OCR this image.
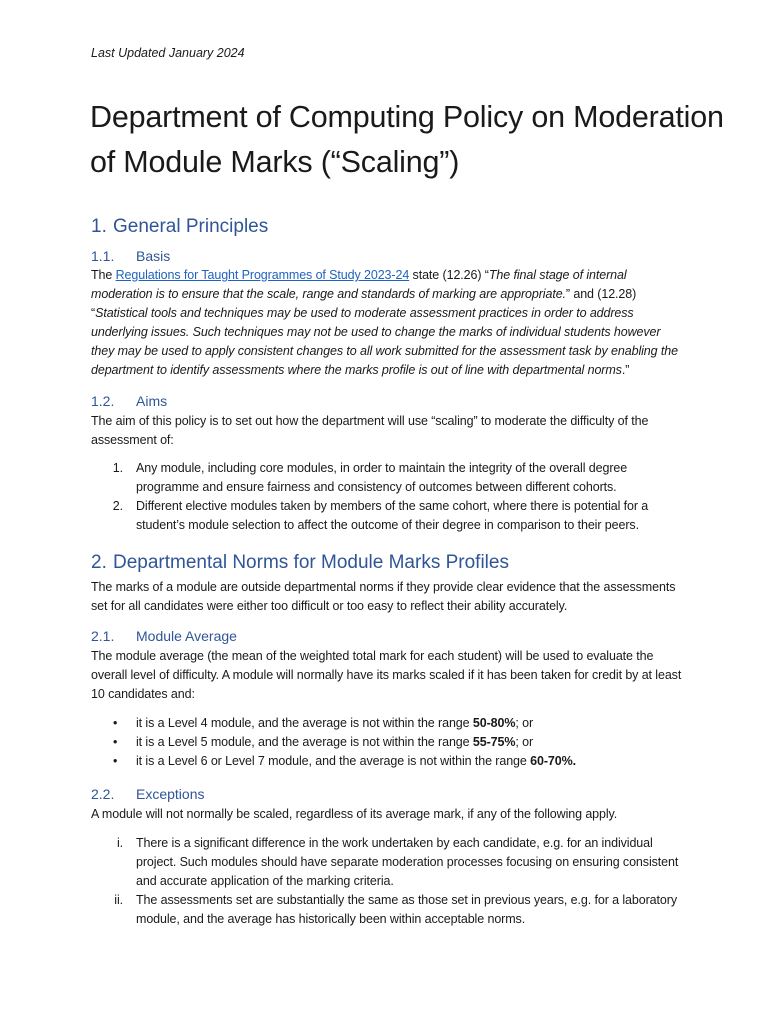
Last Updated January 2024
Department of Computing Policy on Moderation of Module Marks (“Scaling”)
1. General Principles
1.1. Basis

The Regulations for Taught Programmes of Study 2023-24 state (12.26) “The final stage of internal moderation is to ensure that the scale, range and standards of marking are appropriate.” and (12.28) “Statistical tools and techniques may be used to moderate assessment practices in order to address underlying issues. Such techniques may not be used to change the marks of individual students however they may be used to apply consistent changes to all work submitted for the assessment task by enabling the department to identify assessments where the marks profile is out of line with departmental norms.”

1.2. Aims

The aim of this policy is to set out how the department will use “scaling” to moderate the difficulty of the assessment of:

1. Any module, including core modules, in order to maintain the integrity of the overall degree programme and ensure fairness and consistency of outcomes between different cohorts.
2. Different elective modules taken by members of the same cohort, where there is potential for a student’s module selection to affect the outcome of their degree in comparison to their peers.
2. Departmental Norms for Module Marks Profiles

The marks of a module are outside departmental norms if they provide clear evidence that the assessments set for all candidates were either too difficult or too easy to reflect their ability accurately.

2.1. Module Average

The module average (the mean of the weighted total mark for each student) will be used to evaluate the overall level of difficulty. A module will normally have its marks scaled if it has been taken for credit by at least 10 candidates and:

• it is a Level 4 module, and the average is not within the range 50-80%; or
• it is a Level 5 module, and the average is not within the range 55-75%; or
• it is a Level 6 or Level 7 module, and the average is not within the range 60-70%.
2.2. Exceptions

A module will not normally be scaled, regardless of its average mark, if any of the following apply.

i. There is a significant difference in the work undertaken by each candidate, e.g. for an individual project. Such modules should have separate moderation processes focusing on ensuring consistent and accurate application of the marking criteria.
ii. The assessments set are substantially the same as those set in previous years, e.g. for a laboratory module, and the average has historically been within acceptable norms.
